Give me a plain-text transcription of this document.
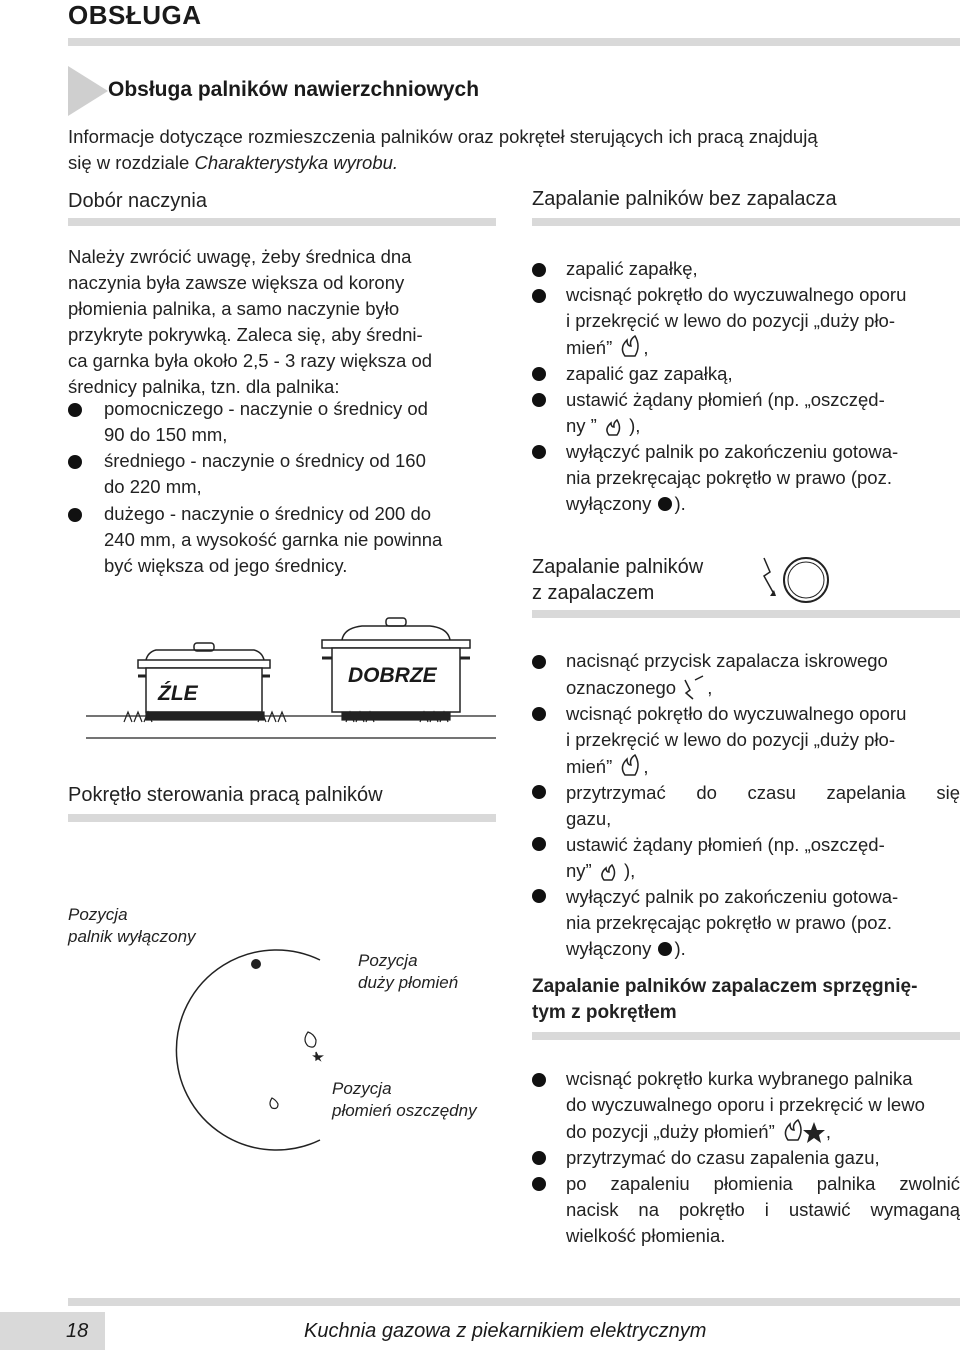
OBSŁUGA
Obsługa palników nawierzchniowych
Informacje dotyczące rozmieszczenia palników oraz pokręteł sterujących ich pracą znajdują
się w rozdziale Charakterystyka wyrobu.
Dobór naczynia
Należy zwrócić uwagę, żeby średnica dna
naczynia była zawsze większa od korony
płomienia palnika, a samo naczynie było
przykryte pokrywką. Zaleca się, aby średni-
ca garnka była około 2,5 - 3 razy większa od
średnicy palnika, tzn. dla palnika:
pomocniczego - naczynie o średnicy od
90 do 150 mm,
średniego - naczynie o średnicy od 160
do 220 mm,
dużego - naczynie o średnicy od 200 do
240 mm, a wysokość garnka nie powinna
być większa od jego średnicy.
ŹLE
DOBRZE
Pokrętło sterowania pracą palników
Pozycja
palnik wyłączony
Pozycja
duży płomień
Pozycja
płomień oszczędny
Zapalanie palników bez zapalacza
zapalić zapałkę,
wcisnąć pokrętło do wyczuwalnego oporu
i przekręcić w lewo do pozycji „duży pło-
mień” ,
zapalić gaz zapałką,
ustawić żądany płomień (np. „oszczęd-
ny ”  ),
wyłączyć palnik po zakończeniu gotowa-
nia przekręcając pokrętło w prawo (poz.
wyłączony ).
Zapalanie palników
z zapalaczem
nacisnąć przycisk zapalacza iskrowego
oznaczonego ,
wcisnąć pokrętło do wyczuwalnego oporu
i przekręcić w lewo do pozycji „duży pło-
mień” ,
przytrzymać do czasu zapelania się
gazu,
ustawić żądany płomień (np. „oszczęd-
ny”  ),
wyłączyć palnik po zakończeniu gotowa-
nia przekręcając pokrętło w prawo (poz.
wyłączony ).
Zapalanie palników zapalaczem sprzęgnię-
tym z pokrętłem
wcisnąć pokrętło kurka wybranego palnika
do wyczuwalnego oporu i przekręcić w lewo
do pozycji „duży płomień”	,
przytrzymać do czasu zapalenia gazu,
po zapaleniu płomienia palnika zwolnić
nacisk na pokrętło i ustawić wymaganą
wielkość płomienia.
18	Kuchnia gazowa z piekarnikiem elektrycznym
